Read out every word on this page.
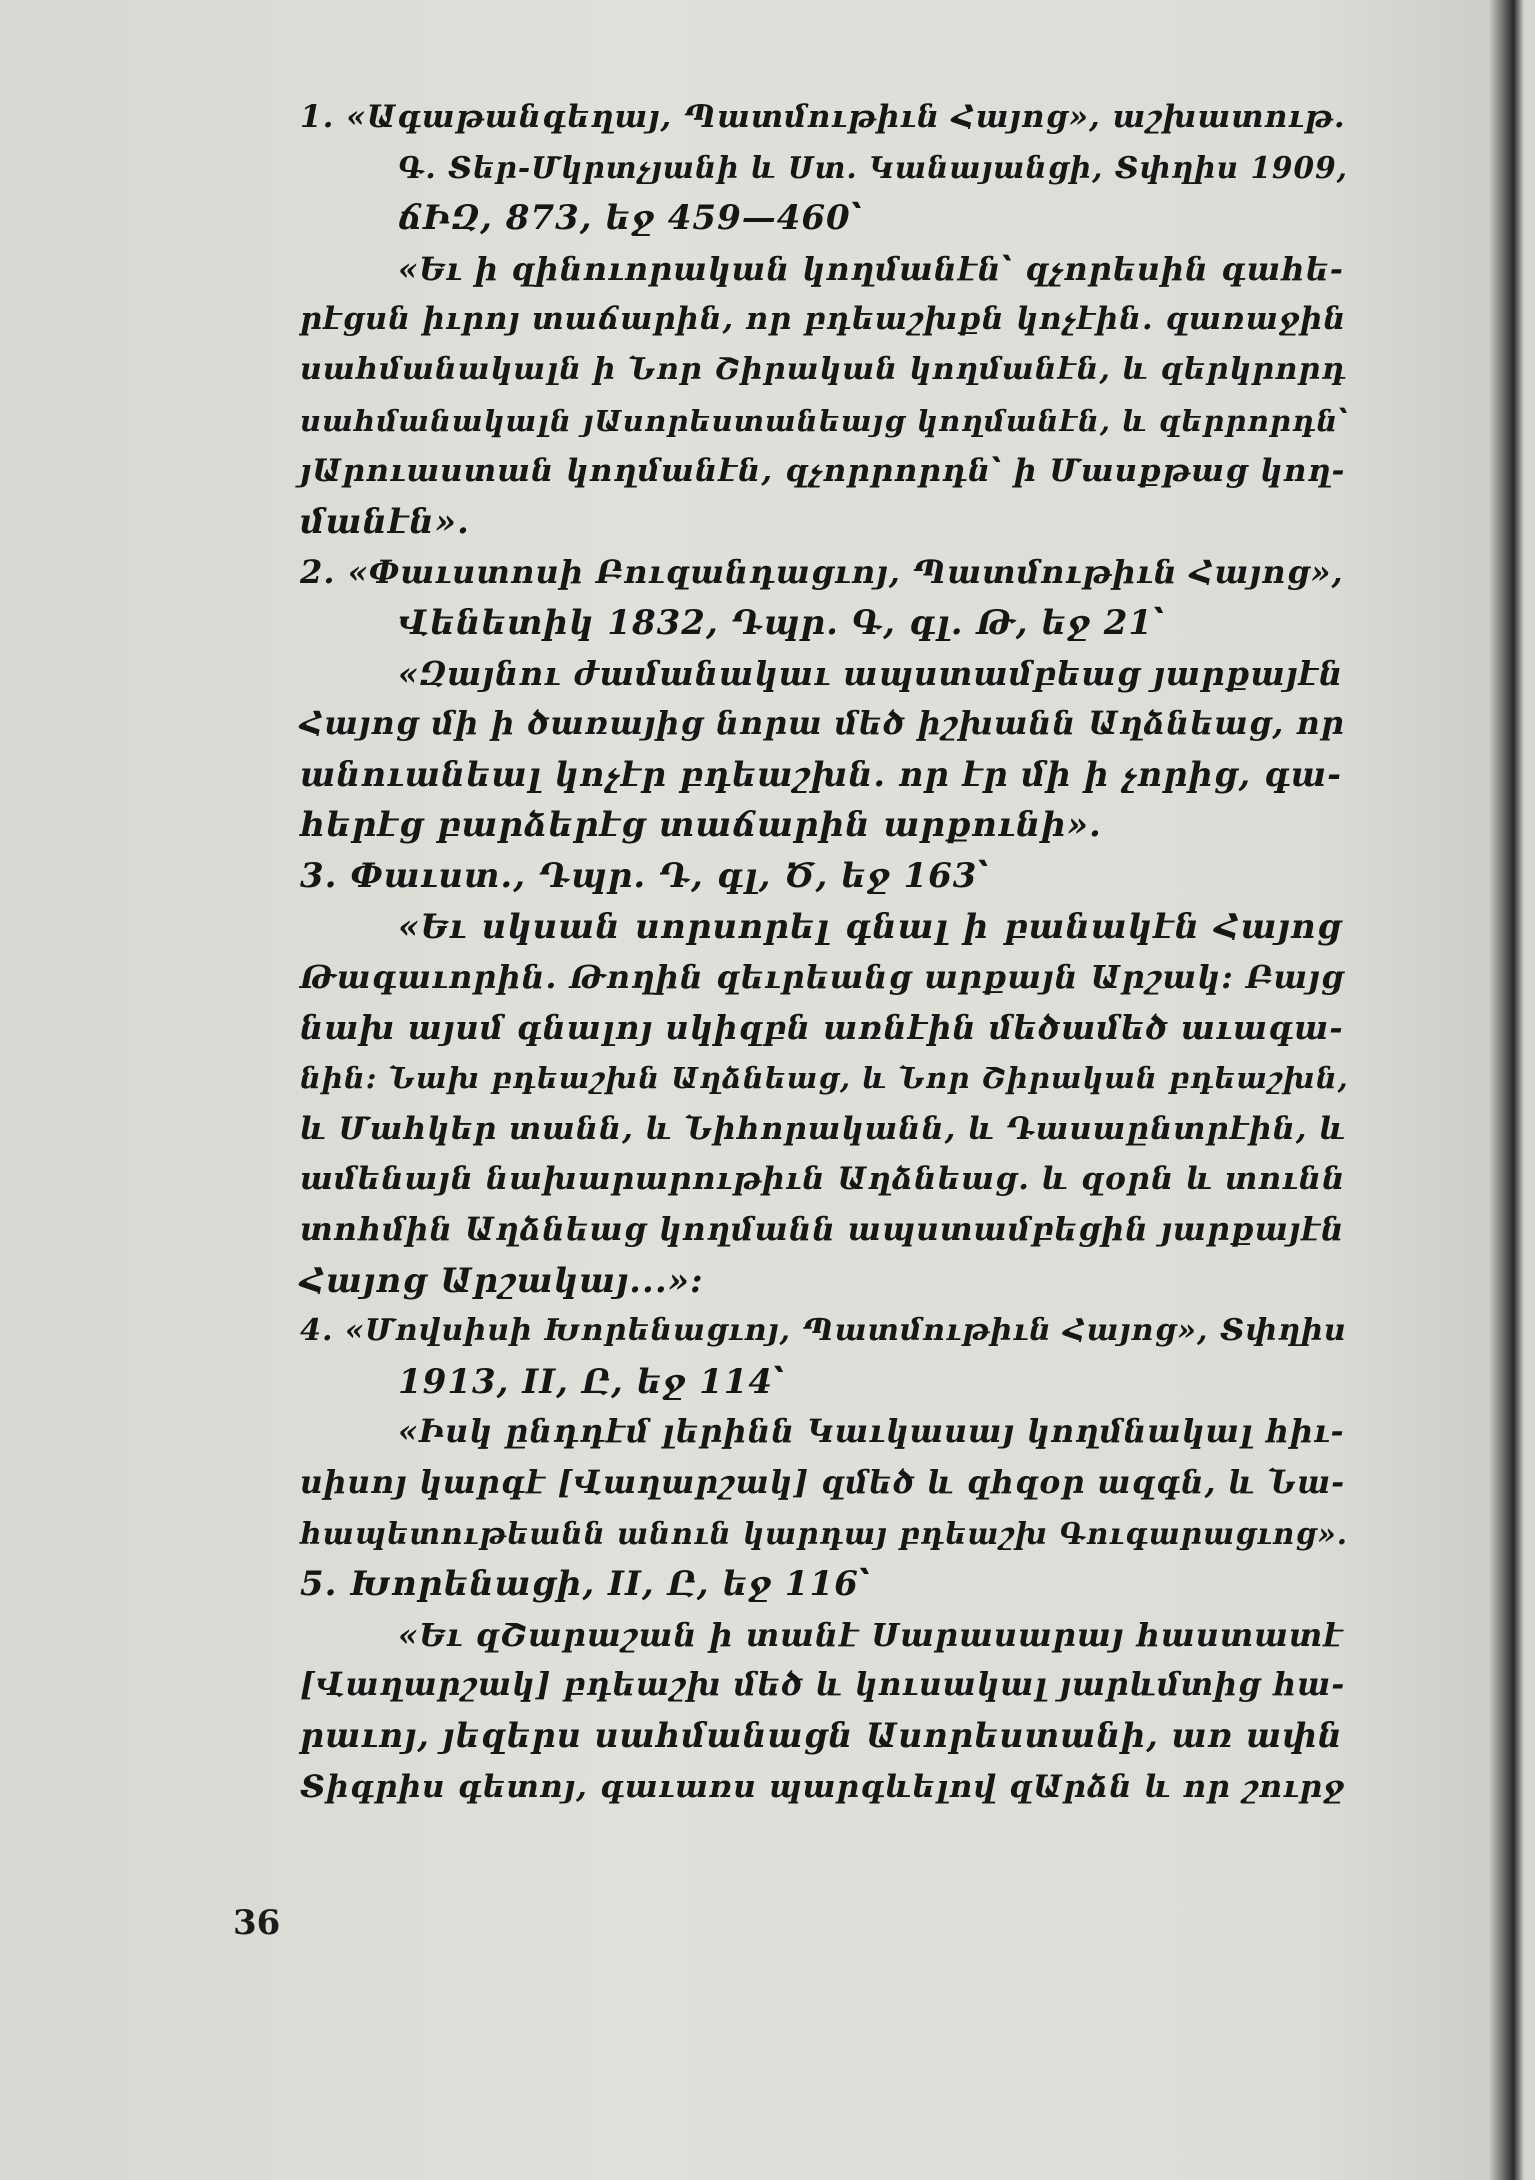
1. «Ագաթանգեղայ, Պատմութիւն Հայոց», աշխատութ.
Գ. Տեր-Մկրտչյանի և Ստ. Կանայանցի, Տփղիս 1909,
ճԻԶ, 873, եջ 459—460՝
«Եւ ի զինուորական կողմանէն՝ զչորեսին գահե-
րէցսն իւրոյ տաճարին, որ բդեաշխքն կոչէին. զառաջին
սահմանակալն ի Նոր Շիրական կողմանէն, և զերկրորդ
սահմանակալն յԱսորեստանեայց կողմանէն, և զերրորդն՝
յԱրուաստան կողմանէն, զչորրորդն՝ ի Մասքթաց կող-
մանէն».
2. «Փաւստոսի Բուզանդացւոյ, Պատմութիւն Հայոց»,
Վենետիկ 1832, Դպր. Գ, գլ. Թ, եջ 21՝
«Զայնու ժամանակաւ ապստամբեաց յարքայէն
Հայոց մի ի ծառայից նորա մեծ իշխանն Աղձնեաց, որ
անուանեալ կոչէր բդեաշխն. որ էր մի ի չորից, գա-
հերէց բարձերէց տաճարին արքունի».
3. Փաւստ., Դպր. Դ, գլ, Ծ, եջ 163՝
«Եւ սկսան սորսորել գնալ ի բանակէն Հայոց
Թագաւորին. Թողին զեւրեանց արքայն Արշակ: Բայց
նախ այսմ գնալոյ սկիզբն առնէին մեծամեծ աւագա-
նին: Նախ բդեաշխն Աղձնեաց, և Նոր Շիրական բդեաշխն,
և Մահկեր տանն, և Նիհորականն, և Դասաընտրէին, և
ամենայն նախարարութիւն Աղձնեաց. և զօրն և տունն
տոհմին Աղձնեաց կողմանն ապստամբեցին յարքայէն
Հայոց Արշակայ...»:
4. «Մովսիսի Խորենացւոյ, Պատմութիւն Հայոց», Տփղիս
1913, II, Ը, եջ 114՝
«Իսկ ընդդէմ լերինն Կաւկասայ կողմնակալ հիւ-
սիսոյ կարգէ [Վաղարշակ] զմեծ և զհզօր ազգն, և Նա-
հապետութեանն անուն կարդայ բդեաշխ Գուգարացւոց».
5. Խորենացի, II, Ը, եջ 116՝
«Եւ զՇարաշան ի տանէ Սարասարայ հաստատէ
[Վաղարշակ] բդեաշխ մեծ և կուսակալ յարևմտից հա-
րաւոյ, յեզերս սահմանացն Ասորեստանի, առ ափն
Տիգրիս գետոյ, գաւառս պարգևելով զԱրձն և որ շուրջ
36
